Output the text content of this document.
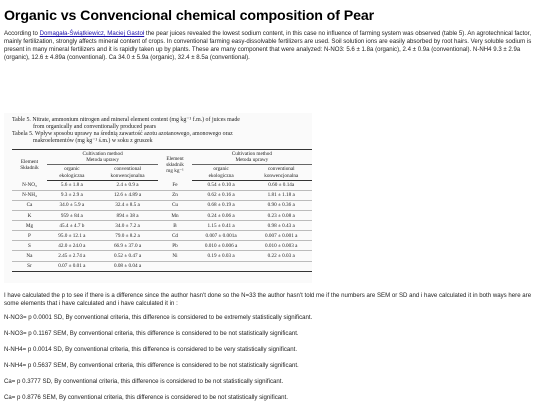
Organic vs Convencional chemical composition of Pear

According to Domagała-Świątkiewicz, Maciej Gastoł the pear juices revealed the lowest sodium content, in this case no influence of farming system was observed (table 5). An agrotechnical factor, mainly fertilization, strongly affects mineral content of crops. In conventional farming easy-dissolvable fertilizers are used. Soil solution ions are easily absorbed by root hairs. Very soluble sodium is present in many mineral fertilizers and it is rapidly taken up by plants. These are many component that were analyzed: N-NO3: 5.6 ± 1.8a (organic), 2.4 ± 0.9a (conventional). N-NH4 9.3 ± 2.9a (organic), 12.6 ± 4.89a (conventional). Ca 34.0 ± 5.9a (organic), 32.4 ± 8.5a (conventional).

Table 5. Nitrate, ammonium nitrogen and mineral element content (mg kg⁻¹ f.m.) of juices made
from organically and conventionally produced pears
Tabela 5. Wpływ sposobu uprawy na średnią zawartość azotu azotanowego, amonowego oraz
makroelementów (mg kg⁻¹ ś.m.) w soku z gruszek
Element
Składnik	Cultivation method
Metoda uprawy		Element
składnik
mg kg⁻¹	Cultivation method
Metoda uprawy	
	organic
ekologiczna	conventional
konwencjonalna		organic
ekologiczna	conventional
konwencjonalna
N-NO₃	5.6 ± 1.8 a	2.4 ± 0.9 a	Fe	0.54 ± 0.10 a	0.60 ± 0.14a
N-NH₄	9.3 ± 2.9 a	12.6 ± 4.89 a	Zn	0.62 ± 0.16 a	1.81 ± 1.18 a
Ca	34.0 ± 5.9 a	32.4 ± 8.5 a	Cu	0.68 ± 0.19 a	0.90 ± 0.36 a
K	959 ± 84 a	894 ± 38 a	Mn	0.24 ± 0.06 a	0.23 ± 0.08 a
Mg	45.4 ± 4.7 b	34.0 ± 7.2 a	B	1.15 ± 0.41 a	0.98 ± 0.43 a
P	95.0 ± 12.1 a	79.0 ± 8.2 a	Cd	0.007 ± 0.001a	0.007 ± 0.001 a
S	42.0 ± 24.0 a	66.9 ± 37.0 a	Pb	0.010 ± 0.006 a	0.010 ± 0.003 a
Na	2.45 ± 2.74 a	0.52 ± 0.47 a	Ni	0.19 ± 0.03 a	0.22 ± 0.03 a
Sr	0.07 ± 0.01 a	0.08 ± 0.04 a			

I have calculated the p to see if there is a difference since the author hasn't done so the N=33 the author hasn't told me if the numbers are SEM or SD and i have calculated it in both ways here are some elements that i have calculated and i have calculated it in :

N-NO3= p 0.0001 SD, By conventional criteria, this difference is considered to be extremely statistically significant.

N-NO3= p 0.1167 SEM, By conventional criteria, this difference is considered to be not statistically significant.

N-NH4= p 0.0014 SD, By conventional criteria, this difference is considered to be very statistically significant.

N-NH4= p 0.5637 SEM, By conventional criteria, this difference is considered to be not statistically significant.

Ca= p 0.3777 SD, By conventional criteria, this difference is considered to be not statistically significant.

Ca= p 0.8776 SEM, By conventional criteria, this difference is considered to be not statistically significant.
